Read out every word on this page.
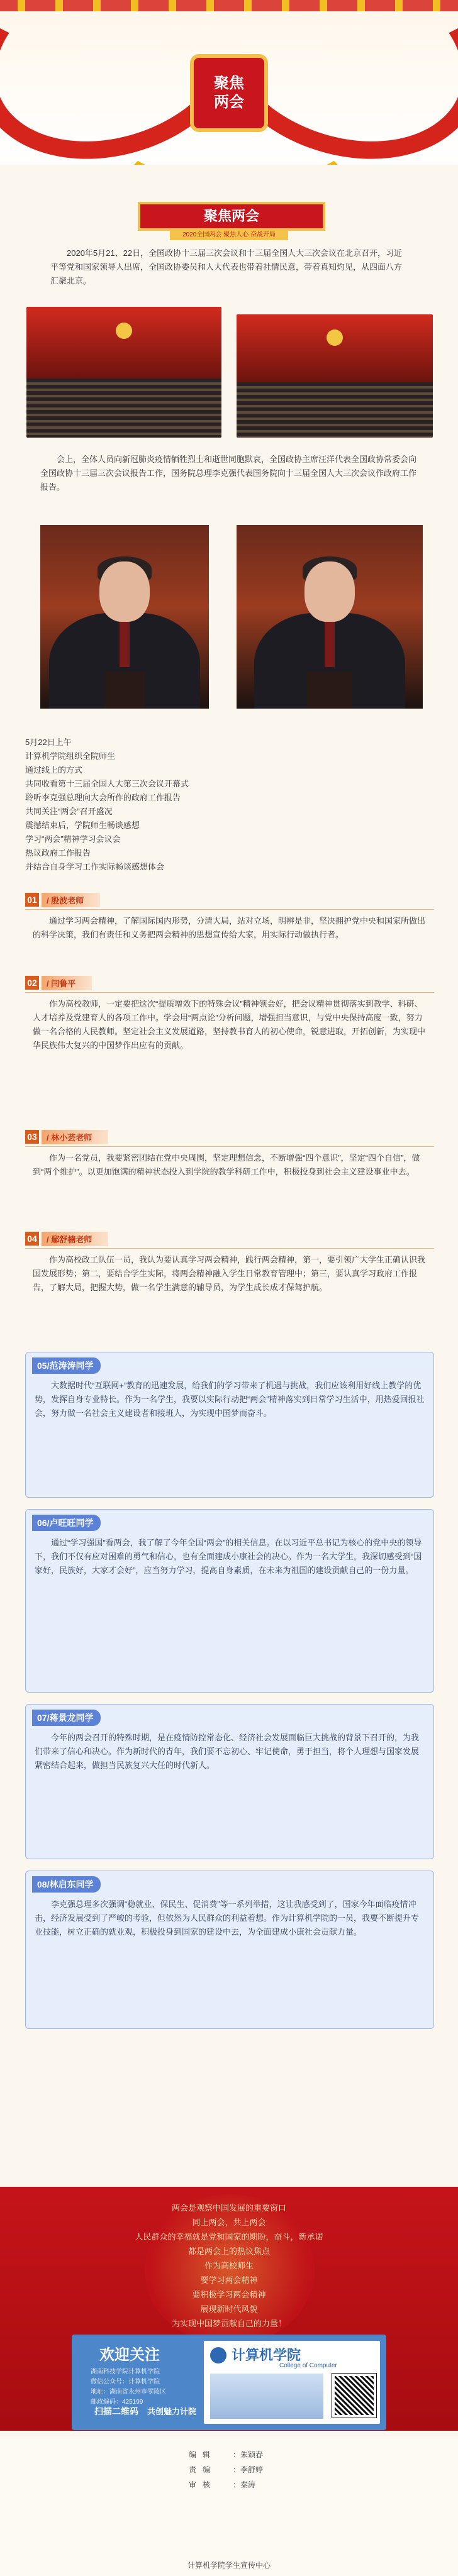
聚焦
两会
聚焦两会
2020全国两会 聚焦人心 奋战开局
2020年5月21、22日，全国政协十三届三次会议和十三届全国人大三次会议在北京召开，习近平等党和国家领导人出席，全国政协委员和人大代表也带着社情民意，带着真知灼见，从四面八方汇聚北京。
会上，全体人员向新冠肺炎疫情牺牲烈士和逝世同胞默哀，全国政协主席汪洋代表全国政协常委会向全国政协十三届三次会议报告工作，国务院总理李克强代表国务院向十三届全国人大三次会议作政府工作报告。
5月22日上午
计算机学院组织全院师生
通过线上的方式
共同收看第十三届全国人大第三次会议开幕式
聆听李克强总理向大会所作的政府工作报告
共同关注“两会”召开盛况
震撼结束后，学院师生畅谈感想
学习“两会”精神学习会议会
热议政府工作报告
并结合自身学习工作实际畅谈感想体会
01	/ 殷波老师
通过学习两会精神，了解国际国内形势，分清大局，站对立场，明辨是非，坚决拥护党中央和国家所做出的科学决策，我们有责任和义务把两会精神的思想宣传给大家，用实际行动做执行者。
02	/ 闫鲁平
作为高校教师，一定要把这次“提质增效下的特殊会议”精神领会好，把会议精神贯彻落实到教学、科研、人才培养及党建育人的各项工作中。学会用“两点论”分析问题，增强担当意识，与党中央保持高度一致，努力做一名合格的人民教师。坚定社会主义发展道路，坚持教书育人的初心使命，锐意进取，开拓创新，为实现中华民族伟大复兴的中国梦作出应有的贡献。
03	/ 林小芸老师
作为一名党员，我要紧密团结在党中央周围，坚定理想信念，不断增强“四个意识”，坚定“四个自信”，做到“两个维护”。以更加饱满的精神状态投入到学院的教学科研工作中，积极投身到社会主义建设事业中去。
04	/ 鄢舒楠老师
作为高校政工队伍一员，我认为要认真学习两会精神，践行两会精神，第一，要引领广大学生正确认识我国发展形势；第二，要结合学生实际，将两会精神融入学生日常教育管理中；第三，要认真学习政府工作报告，了解大局，把握大势，做一名学生满意的辅导员，为学生成长成才保驾护航。
05/范涛涛同学
大数据时代“互联网+”教育的迅速发展，给我们的学习带来了机遇与挑战，我们应该利用好线上教学的优势，发挥自身专业特长。作为一名学生，我要以实际行动把“两会”精神落实到日常学习生活中，用热爱回报社会，努力做一名社会主义建设者和接班人，为实现中国梦而奋斗。
06/卢旺旺同学
通过“学习强国”看两会，我了解了今年全国“两会”的相关信息。在以习近平总书记为核心的党中央的领导下，我们不仅有应对困难的勇气和信心，也有全面建成小康社会的决心。作为一名大学生，我深切感受到“国家好，民族好，大家才会好”，应当努力学习，提高自身素质，在未来为祖国的建设贡献自己的一份力量。
07/蒋景龙同学
今年的两会召开的特殊时期，是在疫情防控常态化、经济社会发展面临巨大挑战的背景下召开的，为我们带来了信心和决心。作为新时代的青年，我们要不忘初心、牢记使命，勇于担当，将个人理想与国家发展紧密结合起来，做担当民族复兴大任的时代新人。
08/林启东同学
李克强总理多次强调“稳就业、保民生、促消费”等一系列举措，这让我感受到了，国家今年面临疫情冲击，经济发展受到了严峻的考验，但依然为人民群众的利益着想。作为计算机学院的一员，我要不断提升专业技能，树立正确的就业观，积极投身到国家的建设中去，为全面建成小康社会贡献力量。
两会是观察中国发展的重要窗口
同上两会，共上两会
人民群众的幸福就是党和国家的期盼，奋斗，新承诺
都是两会上的热议焦点
作为高校师生
要学习两会精神
要积极学习两会精神
展现新时代风貌
为实现中国梦贡献自己的力量！
欢迎关注
湖南科技学院计算机学院
微信公众号：计算机学院
地址：湖南省永州市零陵区
邮政编码：425199
扫描二维码 共创魅力计院
计算机学院
College of Computer
编辑 ：朱颖春
责编 ：李舒婷
审核 ：秦涛
计算机学院学生宣传中心
